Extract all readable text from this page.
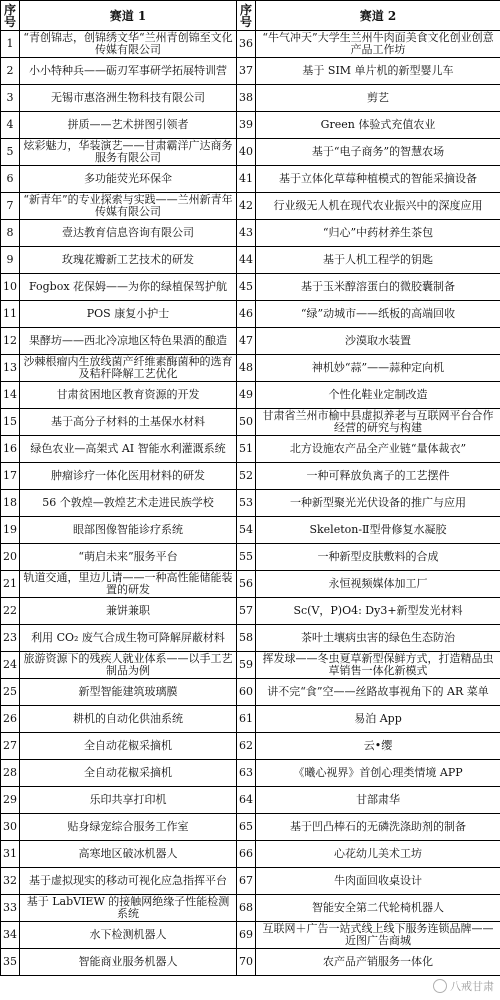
序号	赛道 1	序号	赛道 2
1	“青创锦志，创锦绣文华“兰州青创锦至文化传媒有限公司	36	“牛气冲天”大学生兰州牛肉面美食文化创业创意产品工作坊
2	小小特种兵——砺刃军事研学拓展特训营	37	基于 SIM 单片机的新型婴儿车
3	无锡市惠洛洲生物科技有限公司	38	剪艺
4	拼质——艺术拼图引领者	39	Green 体验式充值农业
5	炫彩魅力，华装演艺——甘肃霸洋广达商务服务有限公司	40	基于“电子商务”的智慧农场
6	多功能荧光环保伞	41	基于立体化草莓种植模式的智能采摘设备
7	“新青年”的专业探索与实践——兰州新青年传媒有限公司	42	行业级无人机在现代农业振兴中的深度应用
8	壹达教育信息咨询有限公司	43	“归心”中药材养生茶包
9	玫瑰花瓣新工艺技术的研发	44	基于人机工程学的钥匙
10	Fogbox 花保姆——为你的绿植保驾护航	45	基于玉米醇溶蛋白的微胶囊制备
11	POS 康复小护士	46	“绿”动城市——纸板的高端回收
12	果酵坊——西北冷凉地区特色果酒的酿造	47	沙漠取水装置
13	沙棘根瘤内生放线菌产纤维素酶菌种的选育及秸秆降解工艺优化	48	神机妙“蒜”——蒜种定向机
14	甘肃贫困地区教育资源的开发	49	个性化鞋业定制改造
15	基于高分子材料的土基保水材料	50	甘肃省兰州市榆中县虚拟养老与互联网平台合作经营的研究与构建
16	绿色农业—高架式 AI 智能水利灌溉系统	51	北方设施农产品全产业链“量体裁衣”
17	肿瘤诊疗一体化医用材料的研发	52	一种可释放负离子的工艺摆件
18	56 个敦煌—敦煌艺术走进民族学校	53	一种新型聚光光伏设备的推广与应用
19	眼部图像智能诊疗系统	54	Skeleton-Ⅱ型骨修复水凝胶
20	“萌启未来”服务平台	55	一种新型皮肤敷料的合成
21	轨道交通，里边儿请——一种高性能储能装置的研发	56	永恒视频媒体加工厂
22	兼饼兼职	57	Sc(V，P)O4: Dy3+新型发光材料
23	利用 CO₂ 废气合成生物可降解屏蔽材料	58	茶叶土壤病虫害的绿色生态防治
24	旅游资源下的残疾人就业体系——以手工艺制品为例	59	挥发球——冬虫夏草新型保鲜方式，打造精品虫草销售一体化新模式
25	新型智能建筑玻璃膜	60	讲不完“食”空——丝路故事视角下的 AR 菜单
26	耕机的自动化供油系统	61	易泊 App
27	全自动花椒采摘机	62	云•缨
28	全自动花椒采摘机	63	《曦心视界》首创心理类情境 APP
29	乐印共享打印机	64	甘部肃华
30	贴身绿宠综合服务工作室	65	基于凹凸棒石的无磷洗涤助剂的制备
31	高寒地区破冰机器人	66	心花幼儿美术工坊
32	基于虚拟现实的移动可视化应急指挥平台	67	牛肉面回收桌设计
33	基于 LabVIEW 的接触网绝缘子性能检测系统	68	智能安全第二代轮椅机器人
34	水下检测机器人	69	互联网＋广告一站式线上线下服务连锁品牌——近图广告商城
35	智能商业服务机器人	70	农产品产销服务一体化
八戒甘肃
